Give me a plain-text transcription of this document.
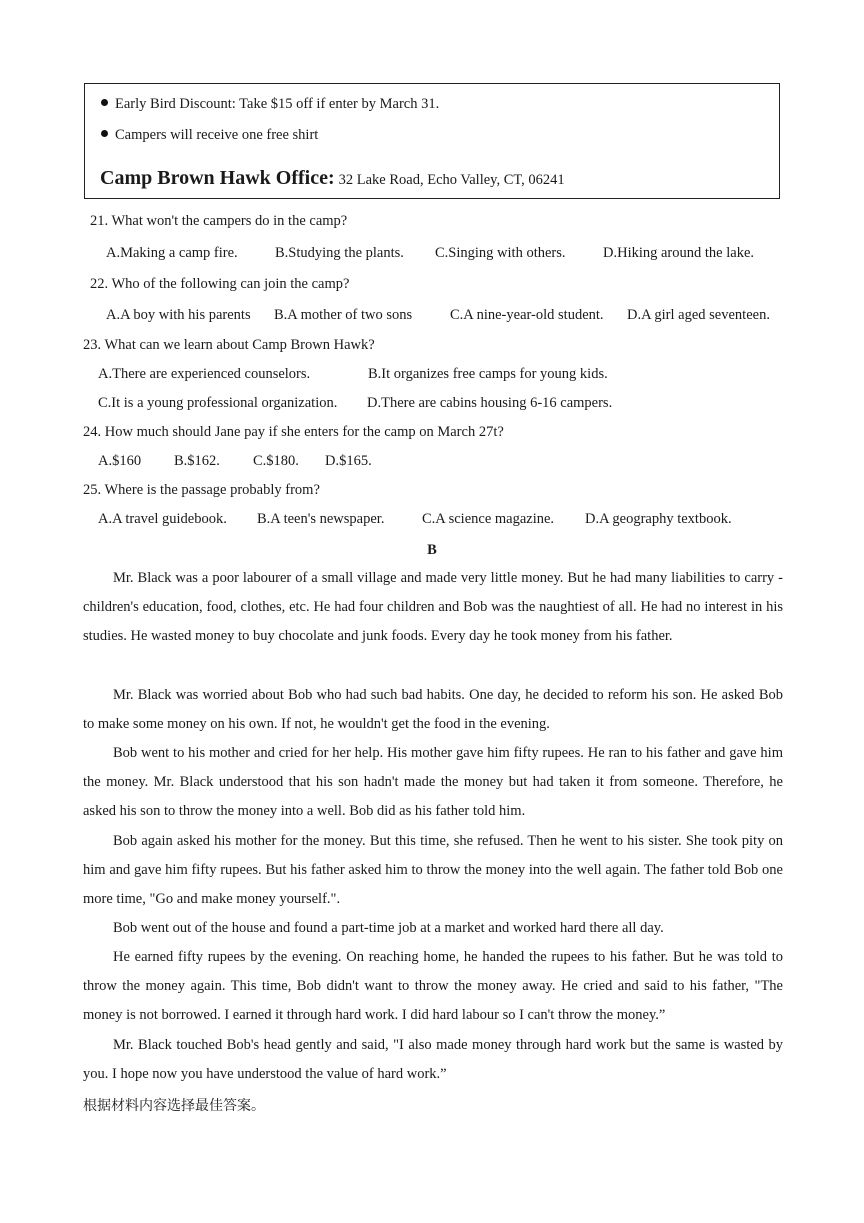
Early Bird Discount: Take $15 off if enter by March 31.
Campers will receive one free shirt
Camp Brown Hawk Office: 32 Lake Road, Echo Valley, CT, 06241
21. What won't the campers do in the camp?
A.Making a camp fire.	B.Studying the plants. C.Singing with others.	D.Hiking around the lake.
22. Who of the following can join the camp?
A.A boy with his parents B.A mother of two sons	C.A nine-year-old student. D.A girl aged seventeen.
23. What can we learn about Camp Brown Hawk?
A.There are experienced counselors.	B.It organizes free camps for young kids.
C.It is a young professional organization. D.There are cabins housing 6-16 campers.
24. How much should Jane pay if she enters for the camp on March 27t?
A.$160 B.$162. C.$180. D.$165.
25. Where is the passage probably from?
A.A travel guidebook. B.A teen's newspaper.	C.A science magazine. D.A geography textbook.
B

Mr. Black was a poor labourer of a small village and made very little money. But he had many liabilities to carry -children's education, food, clothes, etc. He had four children and Bob was the naughtiest of all. He had no interest in his studies. He wasted money to buy chocolate and junk foods. Every day he took money from his father.

Mr. Black was worried about Bob who had such bad habits. One day, he decided to reform his son. He asked Bob to make some money on his own. If not, he wouldn't get the food in the evening.

Bob went to his mother and cried for her help. His mother gave him fifty rupees. He ran to his father and gave him the money. Mr. Black understood that his son hadn't made the money but had taken it from someone. Therefore, he asked his son to throw the money into a well. Bob did as his father told him.

Bob again asked his mother for the money. But this time, she refused. Then he went to his sister. She took pity on him and gave him fifty rupees. But his father asked him to throw the money into the well again. The father told Bob one more time, "Go and make money yourself.".

Bob went out of the house and found a part-time job at a market and worked hard there all day.

He earned fifty rupees by the evening. On reaching home, he handed the rupees to his father. But he was told to throw the money again. This time, Bob didn't want to throw the money away. He cried and said to his father, "The money is not borrowed. I earned it through hard work. I did hard labour so I can't throw the money.”

Mr. Black touched Bob's head gently and said, "I also made money through hard work but the same is wasted by you. I hope now you have understood the value of hard work.”

根据材料内容选择最佳答案。
